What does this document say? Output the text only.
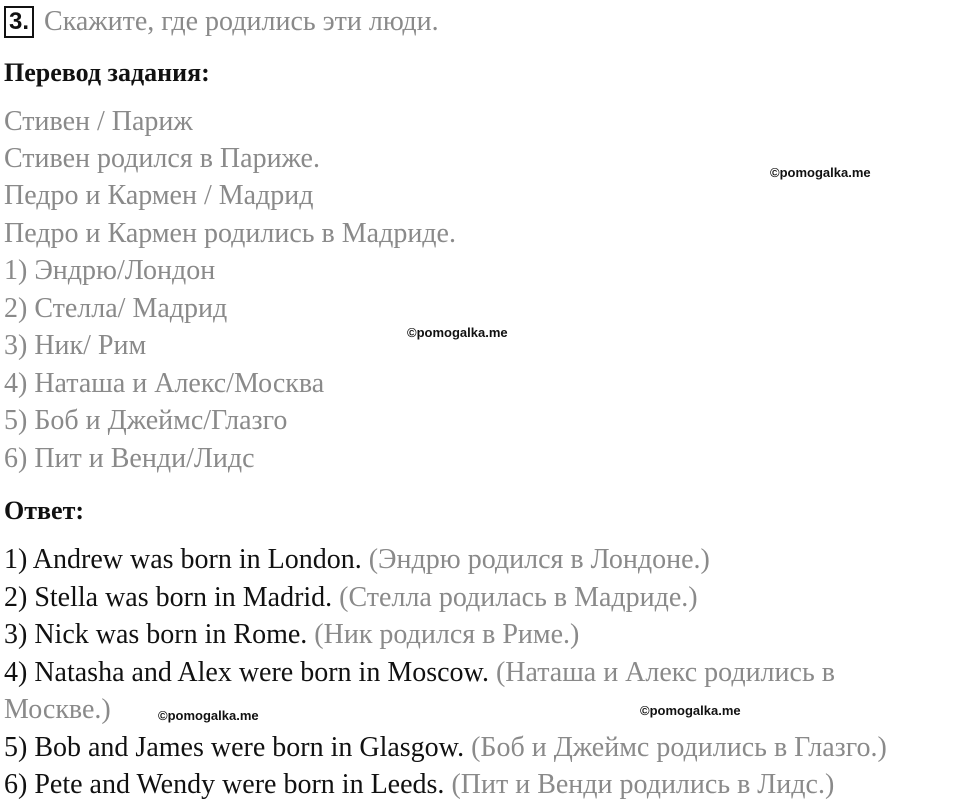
3. Скажите, где родились эти люди.
Перевод задания:
Стивен / Париж
Стивен родился в Париже.
Педро и Кармен / Мадрид
Педро и Кармен родились в Мадриде.
1) Эндрю/Лондон
2) Стелла/ Мадрид
3) Ник/ Рим
4) Наташа и Алекс/Москва
5) Боб и Джеймс/Глазго
6) Пит и Венди/Лидс
Ответ:
1) Andrew was born in London. (Эндрю родился в Лондоне.)
2) Stella was born in Madrid. (Стелла родилась в Мадриде.)
3) Nick was born in Rome. (Ник родился в Риме.)
4) Natasha and Alex were born in Moscow. (Наташа и Алекс родились в
Москве.)
5) Bob and James were born in Glasgow. (Боб и Джеймс родились в Глазго.)
6) Pete and Wendy were born in Leeds. (Пит и Венди родились в Лидс.)
©pomogalka.me
©pomogalka.me
©pomogalka.me	©pomogalka.me
